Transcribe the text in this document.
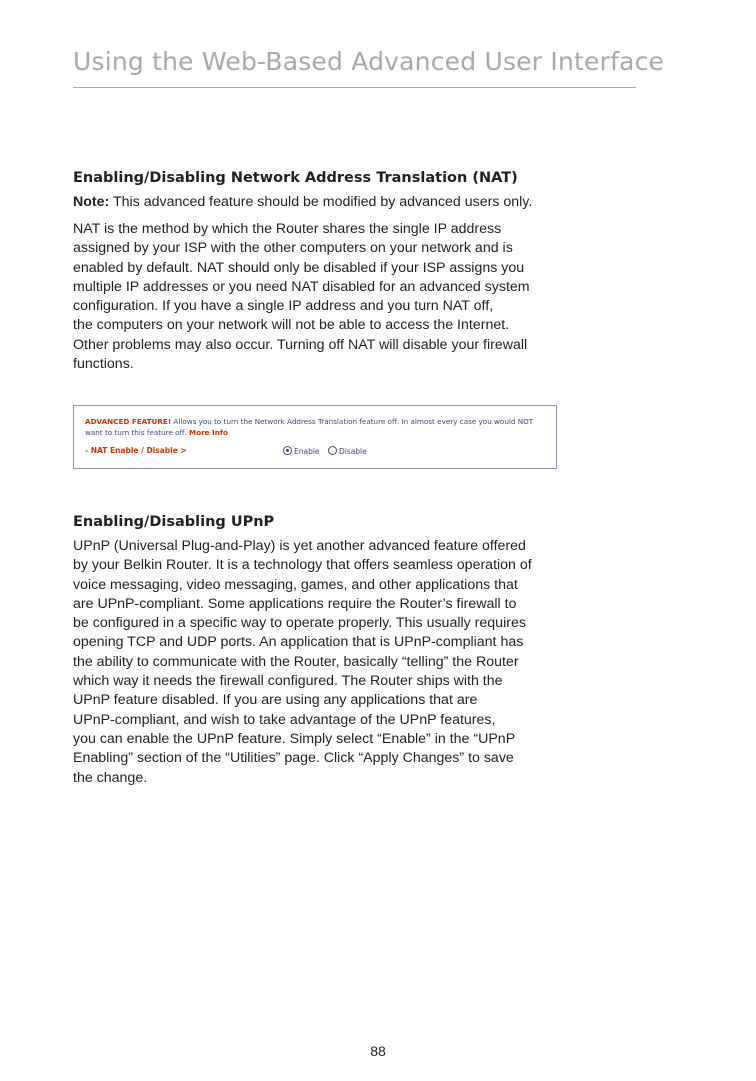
Using the Web-Based Advanced User Interface
Enabling/Disabling Network Address Translation (NAT)
Note: This advanced feature should be modified by advanced users only.
NAT is the method by which the Router shares the single IP address
assigned by your ISP with the other computers on your network and is
enabled by default. NAT should only be disabled if your ISP assigns you
multiple IP addresses or you need NAT disabled for an advanced system
configuration. If you have a single IP address and you turn NAT off,
the computers on your network will not be able to access the Internet.
Other problems may also occur. Turning off NAT will disable your firewall
functions.
ADVANCED FEATURE! Allows you to turn the Network Address Translation feature off. In almost every case you would NOT want to turn this feature off. More Info
- NAT Enable / Disable >	Enable	Disable
Enabling/Disabling UPnP
UPnP (Universal Plug-and-Play) is yet another advanced feature offered
by your Belkin Router. It is a technology that offers seamless operation of
voice messaging, video messaging, games, and other applications that
are UPnP-compliant. Some applications require the Router’s firewall to
be configured in a specific way to operate properly. This usually requires
opening TCP and UDP ports. An application that is UPnP-compliant has
the ability to communicate with the Router, basically “telling” the Router
which way it needs the firewall configured. The Router ships with the
UPnP feature disabled. If you are using any applications that are
UPnP-compliant, and wish to take advantage of the UPnP features,
you can enable the UPnP feature. Simply select “Enable” in the “UPnP
Enabling” section of the “Utilities” page. Click “Apply Changes” to save
the change.
88
